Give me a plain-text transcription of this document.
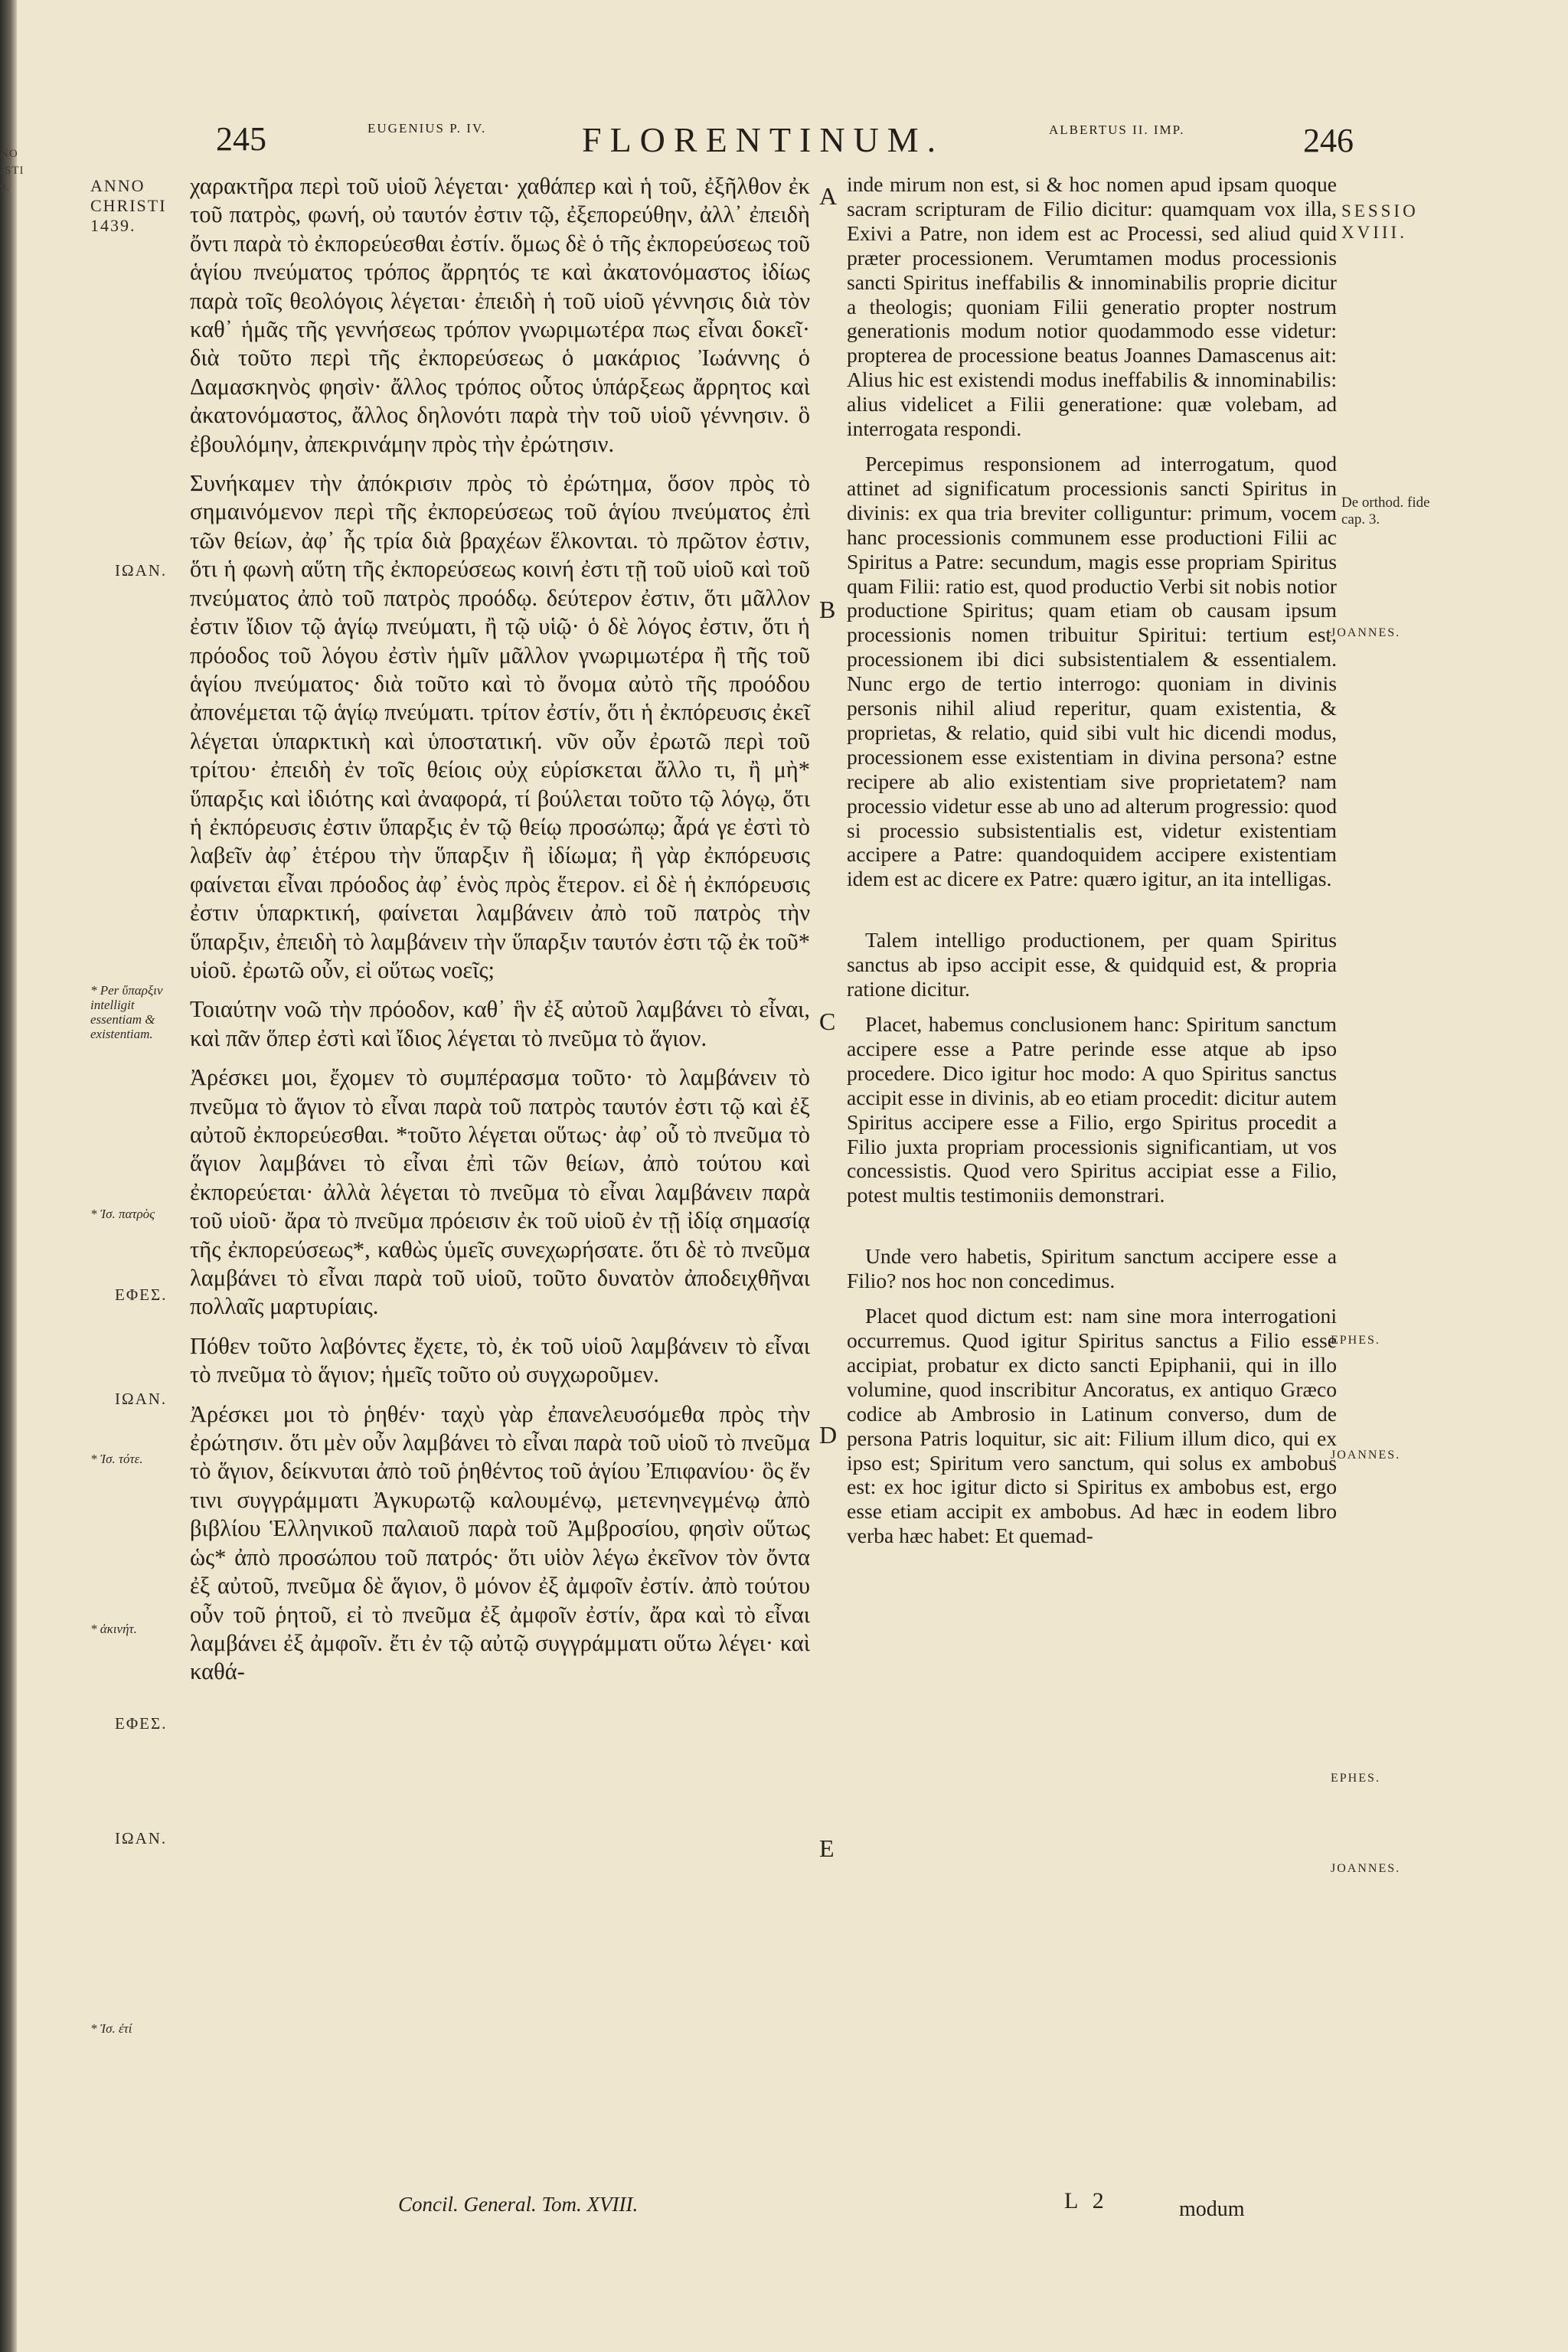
NO
ISTI
9.
245	EUGENIUS P. IV.	FLORENTINUM.	ALBERTUS II. IMP.	246
ANNO CHRISTI 1439.
ΙΩΑΝ.
ΕΦΕΣ.
ΙΩΑΝ.
ΕΦΕΣ.
ΙΩΑΝ.
* Per ὕπαρξιν intelligit essentiam & existentiam.
* Ἰσ. πατρὸς
* Ἰσ. τότε.
* ἀκινήτ.
* Ἰσ. ἐτί
A
B
C
D
E

χαρακτῆρα περὶ τοῦ υἱοῦ λέγεται· χαθάπερ καὶ ἡ τοῦ, ἐξῆλθον ἐκ τοῦ πατρὸς, φωνή, οὐ ταυτόν ἐστιν τῷ, ἐξεπορεύθην, ἀλλ᾽ ἐπειδὴ ὄντι παρὰ τὸ ἐκπορεύεσθαι ἐστίν. ὅμως δὲ ὁ τῆς ἐκπορεύσεως τοῦ ἁγίου πνεύματος τρόπος ἄρρητός τε καὶ ἀκατονόμαστος ἰδίως παρὰ τοῖς θεολόγοις λέγεται· ἐπειδὴ ἡ τοῦ υἱοῦ γέννησις διὰ τὸν καθ᾽ ἡμᾶς τῆς γεννήσεως τρόπον γνωριμωτέρα πως εἶναι δοκεῖ· διὰ τοῦτο περὶ τῆς ἐκπορεύσεως ὁ μακάριος Ἰωάννης ὁ Δαμασκηνὸς φησὶν· ἄλλος τρόπος οὗτος ὑπάρξεως ἄρρητος καὶ ἀκατονόμαστος, ἄλλος δηλονότι παρὰ τὴν τοῦ υἱοῦ γέννησιν. ὃ ἐβουλόμην, ἀπεκρινάμην πρὸς τὴν ἐρώτησιν.

Συνήκαμεν τὴν ἀπόκρισιν πρὸς τὸ ἐρώτημα, ὅσον πρὸς τὸ σημαινόμενον περὶ τῆς ἐκπορεύσεως τοῦ ἁγίου πνεύματος ἐπὶ τῶν θείων, ἀφ᾽ ἧς τρία διὰ βραχέων ἕλκονται. τὸ πρῶτον ἐστιν, ὅτι ἡ φωνὴ αὕτη τῆς ἐκπορεύσεως κοινή ἐστι τῇ τοῦ υἱοῦ καὶ τοῦ πνεύματος ἀπὸ τοῦ πατρὸς προόδῳ. δεύτερον ἐστιν, ὅτι μᾶλλον ἐστιν ἴδιον τῷ ἁγίῳ πνεύματι, ἢ τῷ υἱῷ· ὁ δὲ λόγος ἐστιν, ὅτι ἡ πρόοδος τοῦ λόγου ἐστὶν ἡμῖν μᾶλλον γνωριμωτέρα ἢ τῆς τοῦ ἁγίου πνεύματος· διὰ τοῦτο καὶ τὸ ὄνομα αὐτὸ τῆς προόδου ἀπονέμεται τῷ ἁγίῳ πνεύματι. τρίτον ἐστίν, ὅτι ἡ ἐκπόρευσις ἐκεῖ λέγεται ὑπαρκτικὴ καὶ ὑποστατική. νῦν οὖν ἐρωτῶ περὶ τοῦ τρίτου· ἐπειδὴ ἐν τοῖς θείοις οὐχ εὑρίσκεται ἄλλο τι, ἢ μὴ* ὕπαρξις καὶ ἰδιότης καὶ ἀναφορά, τί βούλεται τοῦτο τῷ λόγῳ, ὅτι ἡ ἐκπόρευσις ἐστιν ὕπαρξις ἐν τῷ θείῳ προσώπῳ; ἆρά γε ἐστὶ τὸ λαβεῖν ἀφ᾽ ἑτέρου τὴν ὕπαρξιν ἢ ἰδίωμα; ἢ γὰρ ἐκπόρευσις φαίνεται εἶναι πρόοδος ἀφ᾽ ἑνὸς πρὸς ἕτερον. εἰ δὲ ἡ ἐκπόρευσις ἐστιν ὑπαρκτική, φαίνεται λαμβάνειν ἀπὸ τοῦ πατρὸς τὴν ὕπαρξιν, ἐπειδὴ τὸ λαμβάνειν τὴν ὕπαρξιν ταυτόν ἐστι τῷ ἐκ τοῦ* υἱοῦ. ἐρωτῶ οὖν, εἰ οὕτως νοεῖς;

Τοιαύτην νοῶ τὴν πρόοδον, καθ᾽ ἣν ἐξ αὐτοῦ λαμβάνει τὸ εἶναι, καὶ πᾶν ὅπερ ἐστὶ καὶ ἴδιος λέγεται τὸ πνεῦμα τὸ ἅγιον.

Ἀρέσκει μοι, ἔχομεν τὸ συμπέρασμα τοῦτο· τὸ λαμβάνειν τὸ πνεῦμα τὸ ἅγιον τὸ εἶναι παρὰ τοῦ πατρὸς ταυτόν ἐστι τῷ καὶ ἐξ αὐτοῦ ἐκπορεύεσθαι. *τοῦτο λέγεται οὕτως· ἀφ᾽ οὗ τὸ πνεῦμα τὸ ἅγιον λαμβάνει τὸ εἶναι ἐπὶ τῶν θείων, ἀπὸ τούτου καὶ ἐκπορεύεται· ἀλλὰ λέγεται τὸ πνεῦμα τὸ εἶναι λαμβάνειν παρὰ τοῦ υἱοῦ· ἄρα τὸ πνεῦμα πρόεισιν ἐκ τοῦ υἱοῦ ἐν τῇ ἰδίᾳ σημασίᾳ τῆς ἐκπορεύσεως*, καθὼς ὑμεῖς συνεχωρήσατε. ὅτι δὲ τὸ πνεῦμα λαμβάνει τὸ εἶναι παρὰ τοῦ υἱοῦ, τοῦτο δυνατὸν ἀποδειχθῆναι πολλαῖς μαρτυρίαις.

Πόθεν τοῦτο λαβόντες ἔχετε, τὸ, ἐκ τοῦ υἱοῦ λαμβάνειν τὸ εἶναι τὸ πνεῦμα τὸ ἅγιον; ἡμεῖς τοῦτο οὐ συγχωροῦμεν.

Ἀρέσκει μοι τὸ ῥηθέν· ταχὺ γὰρ ἐπανελευσόμεθα πρὸς τὴν ἐρώτησιν. ὅτι μὲν οὖν λαμβάνει τὸ εἶναι παρὰ τοῦ υἱοῦ τὸ πνεῦμα τὸ ἅγιον, δείκνυται ἀπὸ τοῦ ῥηθέντος τοῦ ἁγίου Ἐπιφανίου· ὃς ἔν τινι συγγράμματι Ἀγκυρωτῷ καλουμένῳ, μετενηνεγμένῳ ἀπὸ βιβλίου Ἑλληνικοῦ παλαιοῦ παρὰ τοῦ Ἀμβροσίου, φησὶν οὕτως ὡς* ἀπὸ προσώπου τοῦ πατρός· ὅτι υἱὸν λέγω ἐκεῖνον τὸν ὄντα ἐξ αὐτοῦ, πνεῦμα δὲ ἅγιον, ὃ μόνον ἐξ ἀμφοῖν ἐστίν. ἀπὸ τούτου οὖν τοῦ ῥητοῦ, εἰ τὸ πνεῦμα ἐξ ἀμφοῖν ἐστίν, ἄρα καὶ τὸ εἶναι λαμβάνει ἐξ ἀμφοῖν. ἔτι ἐν τῷ αὐτῷ συγγράμματι οὕτω λέγει· καὶ καθά-

inde mirum non est, si & hoc nomen apud ipsam quoque sacram scripturam de Filio dicitur: quamquam vox illa, Exivi a Patre, non idem est ac Processi, sed aliud quid præter processionem. Verumtamen modus processionis sancti Spiritus ineffabilis & innominabilis proprie dicitur a theologis; quoniam Filii generatio propter nostrum generationis modum notior quodammodo esse videtur: propterea de processione beatus Joannes Damascenus ait: Alius hic est existendi modus ineffabilis & innominabilis: alius videlicet a Filii generatione: quæ volebam, ad interrogata respondi.

Percepimus responsionem ad interrogatum, quod attinet ad significatum processionis sancti Spiritus in divinis: ex qua tria breviter colliguntur: primum, vocem hanc processionis communem esse productioni Filii ac Spiritus a Patre: secundum, magis esse propriam Spiritus quam Filii: ratio est, quod productio Verbi sit nobis notior productione Spiritus; quam etiam ob causam ipsum processionis nomen tribuitur Spiritui: tertium est, processionem ibi dici subsistentialem & essentialem. Nunc ergo de tertio interrogo: quoniam in divinis personis nihil aliud reperitur, quam existentia, & proprietas, & relatio, quid sibi vult hic dicendi modus, processionem esse existentiam in divina persona? estne recipere ab alio existentiam sive proprietatem? nam processio videtur esse ab uno ad alterum progressio: quod si processio subsistentialis est, videtur existentiam accipere a Patre: quandoquidem accipere existentiam idem est ac dicere ex Patre: quæro igitur, an ita intelligas.

Talem intelligo productionem, per quam Spiritus sanctus ab ipso accipit esse, & quidquid est, & propria ratione dicitur.

Placet, habemus conclusionem hanc: Spiritum sanctum accipere esse a Patre perinde esse atque ab ipso procedere. Dico igitur hoc modo: A quo Spiritus sanctus accipit esse in divinis, ab eo etiam procedit: dicitur autem Spiritus accipere esse a Filio, ergo Spiritus procedit a Filio juxta propriam processionis significantiam, ut vos concessistis. Quod vero Spiritus accipiat esse a Filio, potest multis testimoniis demonstrari.

Unde vero habetis, Spiritum sanctum accipere esse a Filio? nos hoc non concedimus.

Placet quod dictum est: nam sine mora interrogationi occurremus. Quod igitur Spiritus sanctus a Filio esse accipiat, probatur ex dicto sancti Epiphanii, qui in illo volumine, quod inscribitur Ancoratus, ex antiquo Græco codice ab Ambrosio in Latinum converso, dum de persona Patris loquitur, sic ait: Filium illum dico, qui ex ipso est; Spiritum vero sanctum, qui solus ex ambobus est: ex hoc igitur dicto si Spiritus ex ambobus est, ergo esse etiam accipit ex ambobus. Ad hæc in eodem libro verba hæc habet: Et quemad-

SESSIO XVIII.
De orthod. fide cap. 3.
JOANNES.
EPHES.
JOANNES.
EPHES.
JOANNES.
Concil. General. Tom. XVIII.	L 2	modum
